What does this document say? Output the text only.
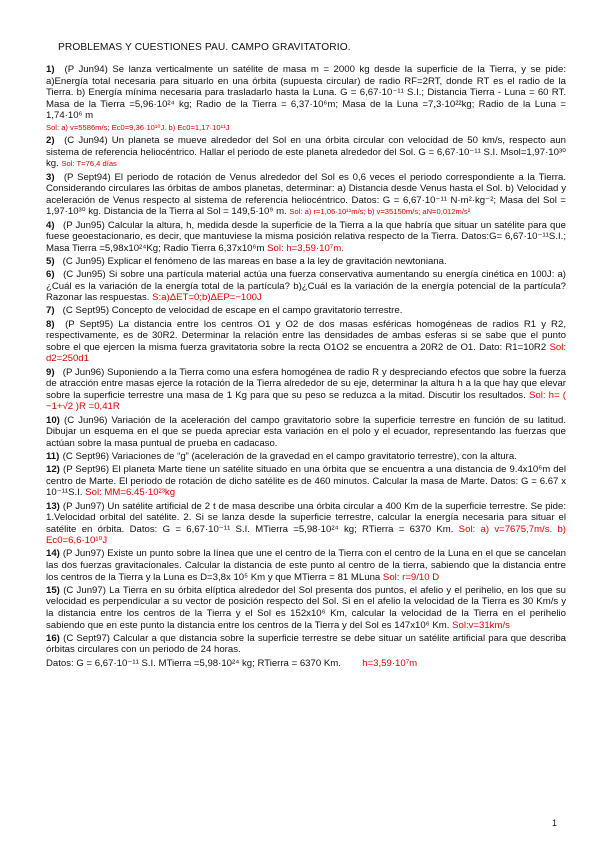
PROBLEMAS Y CUESTIONES PAU. CAMPO GRAVITATORIO.
1) (P Jun94) Se lanza verticalmente un satélite de masa m = 2000 kg desde la superficie de la Tierra, y se pide: a)Energía total necesaria para situarlo en una órbita (supuesta circular) de radio RF=2RT, donde RT es el radio de la Tierra. b) Energía mínima necesaria para trasladarlo hasta la Luna. G = 6,67·10⁻¹¹ S.I.; Distancia Tierra - Luna = 60 RT. Masa de la Tierra =5,96·10²⁴ kg; Radio de la Tierra = 6,37·10⁶m; Masa de la Luna =7,3·10²²kg; Radio de la Luna = 1,74·10⁶ m
Sol: a) v=5586m/s; Ec0=9,36·10¹⁰J. b) Ec0=1,17·10¹¹J
2) (C Jun94) Un planeta se mueve alrededor del Sol en una órbita circular con velocidad de 50 km/s, respecto aun sistema de referencia heliocéntrico. Hallar el periodo de este planeta alrededor del Sol. G = 6,67·10⁻¹¹ S.I. Msol=1,97·10³⁰ kg. Sol: T=76,4 días
3) (P Sept94) El periodo de rotación de Venus alrededor del Sol es 0,6 veces el periodo correspondiente a la Tierra. Considerando circulares las órbitas de ambos planetas, determinar: a) Distancia desde Venus hasta el Sol. b) Velocidad y aceleración de Venus respecto al sistema de referencia heliocéntrico. Datos: G = 6,67·10⁻¹¹ N·m²·kg⁻²; Masa del Sol = 1,97·10³⁰ kg. Distancia de la Tierra al Sol = 149,5·10⁹ m. Sol: a) r=1,06·10¹¹m/s; b) v=35150m/s; aN=0,012m/s²
4) (P Jun95) Calcular la altura, h, medida desde la superficie de la Tierra a la que habría que situar un satélite para que fuese geoestacionario, es decir, que mantuviese la misma posición relativa respecto de la Tierra. Datos:G= 6,67·10⁻¹¹S.I.; Masa Tierra =5,98x10²⁴Kg; Radio Tierra 6,37x10⁶m Sol: h=3,59·10⁷m.
5) (C Jun95) Explicar el fenómeno de las mareas en base a la ley de gravitación newtoniana.
6) (C Jun95) Si sobre una partícula material actúa una fuerza conservativa aumentando su energía cinética en 100J: a)¿Cuál es la variación de la energía total de la partícula? b)¿Cuál es la variación de la energía potencial de la partícula? Razonar las respuestas. S:a)ΔET=0;b)ΔEP=−100J
7) (C Sept95) Concepto de velocidad de escape en el campo gravitatorio terrestre.
8) (P Sept95) La distancia entre los centros O1 y O2 de dos masas esféricas homogéneas de radios R1 y R2, respectivamente, es de 30R2. Determinar la relación entre las densidades de ambas esferas si se sabe que el punto sobre el que ejercen la misma fuerza gravitatoria sobre la recta O1O2 se encuentra a 20R2 de O1. Dato: R1=10R2 Sol: d2=250d1
9) (P Jun96) Suponiendo a la Tierra como una esfera homogénea de radio R y despreciando efectos que sobre la fuerza de atracción entre masas ejerce la rotación de la Tierra alrededor de su eje, determinar la altura h a la que hay que elevar sobre la superficie terrestre una masa de 1 Kg para que su peso se reduzca a la mitad. Discutir los resultados. Sol: h= ( −1+√2 )R =0,41R
10) (C Jun96) Variación de la aceleración del campo gravitatorio sobre la superficie terrestre en función de su latitud. Dibujar un esquema en el que se pueda apreciar esta variación en el polo y el ecuador, representando las fuerzas que actúan sobre la masa puntual de prueba en cadacaso.
11) (C Sept96) Variaciones de “g” (aceleración de la gravedad en el campo gravitatorio terrestre), con la altura.
12) (P Sept96) El planeta Marte tiene un satélite situado en una órbita que se encuentra a una distancia de 9.4x10⁶m del centro de Marte. El periodo de rotación de dicho satélite es de 460 minutos. Calcular la masa de Marte. Datos: G = 6.67 x 10⁻¹¹S.I. Sol: MM=6.45·10²³kg
13) (P Jun97) Un satélite artificial de 2 t de masa describe una órbita circular a 400 Km de la superficie terrestre. Se pide: 1.Velocidad orbital del satélite. 2. Si se lanza desde la superficie terrestre, calcular la energía necesaria para situar el satélite en órbita. Datos: G = 6,67·10⁻¹¹ S.I. MTierra =5,98·10²⁴ kg; RTierra = 6370 Km. Sol: a) v=7675,7m/s. b) Ec0=6,6·10¹⁰J
14) (P Jun97) Existe un punto sobre la línea que une el centro de la Tierra con el centro de la Luna en el que se cancelan las dos fuerzas gravitacionales. Calcular la distancia de este punto al centro de la tierra, sabiendo que la distancia entre los centros de la Tierra y la Luna es D=3,8x 10⁵ Km y que MTierra = 81 MLuna Sol: r=9/10 D
15) (C Jun97) La Tierra en su órbita elíptica alrededor del Sol presenta dos puntos, el afelio y el perihelio, en los que su velocidad es perpendicular a su vector de posición respecto del Sol. Si en el afelio la velocidad de la Tierra es 30 Km/s y la distancia entre los centros de la Tierra y el Sol es 152x10⁶ Km, calcular la velocidad de la Tierra en el perihelio sabiendo que en este punto la distancia entre los centros de la Tierra y del Sol es 147x10⁶ Km. Sol:v=31km/s
16) (C Sept97) Calcular a que distancia sobre la superficie terrestre se debe situar un satélite artificial para que describa órbitas circulares con un periodo de 24 horas.
Datos: G = 6,67·10⁻¹¹ S.I. MTierra =5,98·10²⁴ kg; RTierra = 6370 Km. h=3,59·10⁷m
1
